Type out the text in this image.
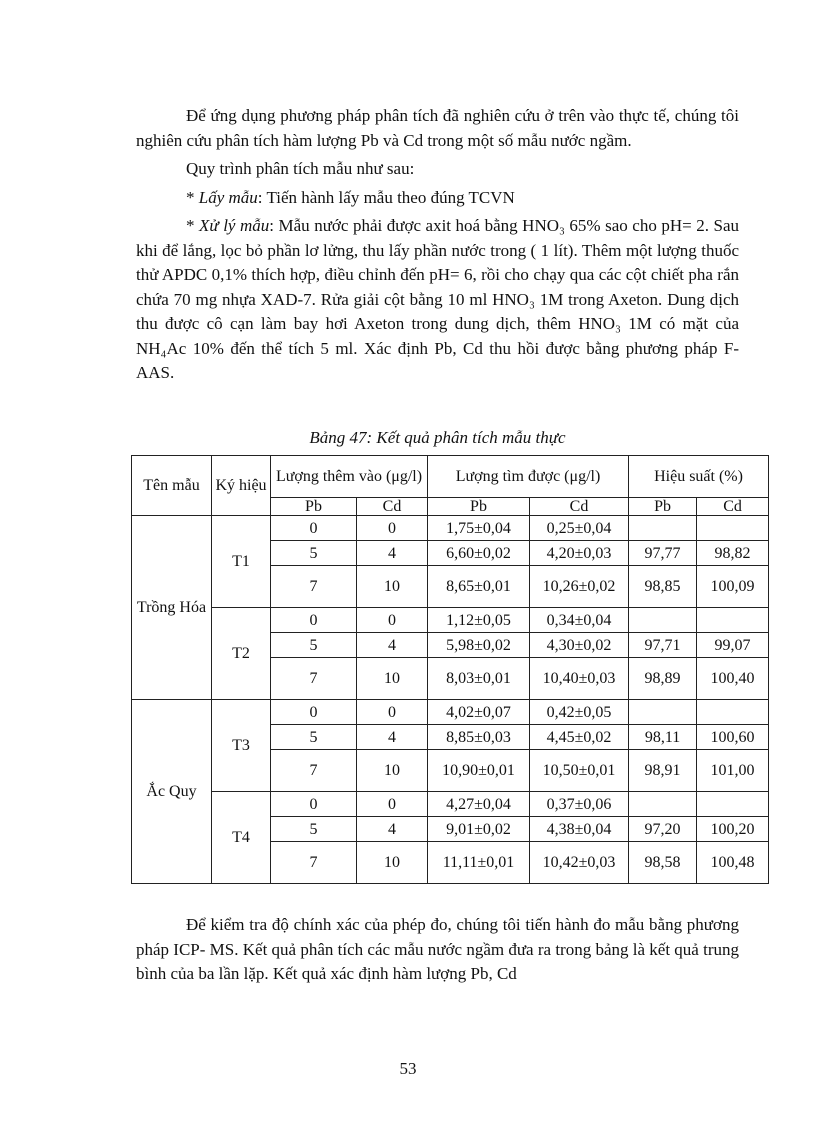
Để ứng dụng phương pháp phân tích đã nghiên cứu ở trên vào thực tế, chúng tôi nghiên cứu phân tích hàm lượng Pb và Cd trong một số mẫu nước ngầm.

Quy trình phân tích mẫu như sau:

* Lấy mẫu: Tiến hành lấy mẫu theo đúng TCVN

* Xử lý mẫu: Mẫu nước phải được axit hoá bằng HNO₃ 65% sao cho pH= 2. Sau khi để lắng, lọc bỏ phần lơ lửng, thu lấy phần nước trong ( 1 lít). Thêm một lượng thuốc thử APDC 0,1% thích hợp, điều chỉnh đến pH= 6, rồi cho chạy qua các cột chiết pha rắn chứa 70 mg nhựa XAD-7. Rửa giải cột bằng 10 ml HNO₃ 1M trong Axeton. Dung dịch thu được cô cạn làm bay hơi Axeton trong dung dịch, thêm HNO₃ 1M có mặt của NH₄Ac 10% đến thể tích 5 ml. Xác định Pb, Cd thu hồi được bằng phương pháp F-AAS.

Bảng 47: Kết quả phân tích mẫu thực
Tên mẫu	Ký hiệu	Lượng thêm vào (μg/l)		Lượng tìm được (μg/l)		Hiệu suất (%)	
		Pb	Cd	Pb	Cd	Pb	Cd
Trồng Hóa	T1	0	0	1,75±0,04	0,25±0,04		
		5	4	6,60±0,02	4,20±0,03	97,77	98,82
		7	10	8,65±0,01	10,26±0,02	98,85	100,09
	T2	0	0	1,12±0,05	0,34±0,04		
		5	4	5,98±0,02	4,30±0,02	97,71	99,07
		7	10	8,03±0,01	10,40±0,03	98,89	100,40
Ắc Quy	T3	0	0	4,02±0,07	0,42±0,05		
		5	4	8,85±0,03	4,45±0,02	98,11	100,60
		7	10	10,90±0,01	10,50±0,01	98,91	101,00
	T4	0	0	4,27±0,04	0,37±0,06		
		5	4	9,01±0,02	4,38±0,04	97,20	100,20
		7	10	11,11±0,01	10,42±0,03	98,58	100,48

Để kiểm tra độ chính xác của phép đo, chúng tôi tiến hành đo mẫu bằng phương pháp ICP- MS. Kết quả phân tích các mẫu nước ngầm đưa ra trong bảng là kết quả trung bình của ba lần lặp. Kết quả xác định hàm lượng Pb, Cd

53
